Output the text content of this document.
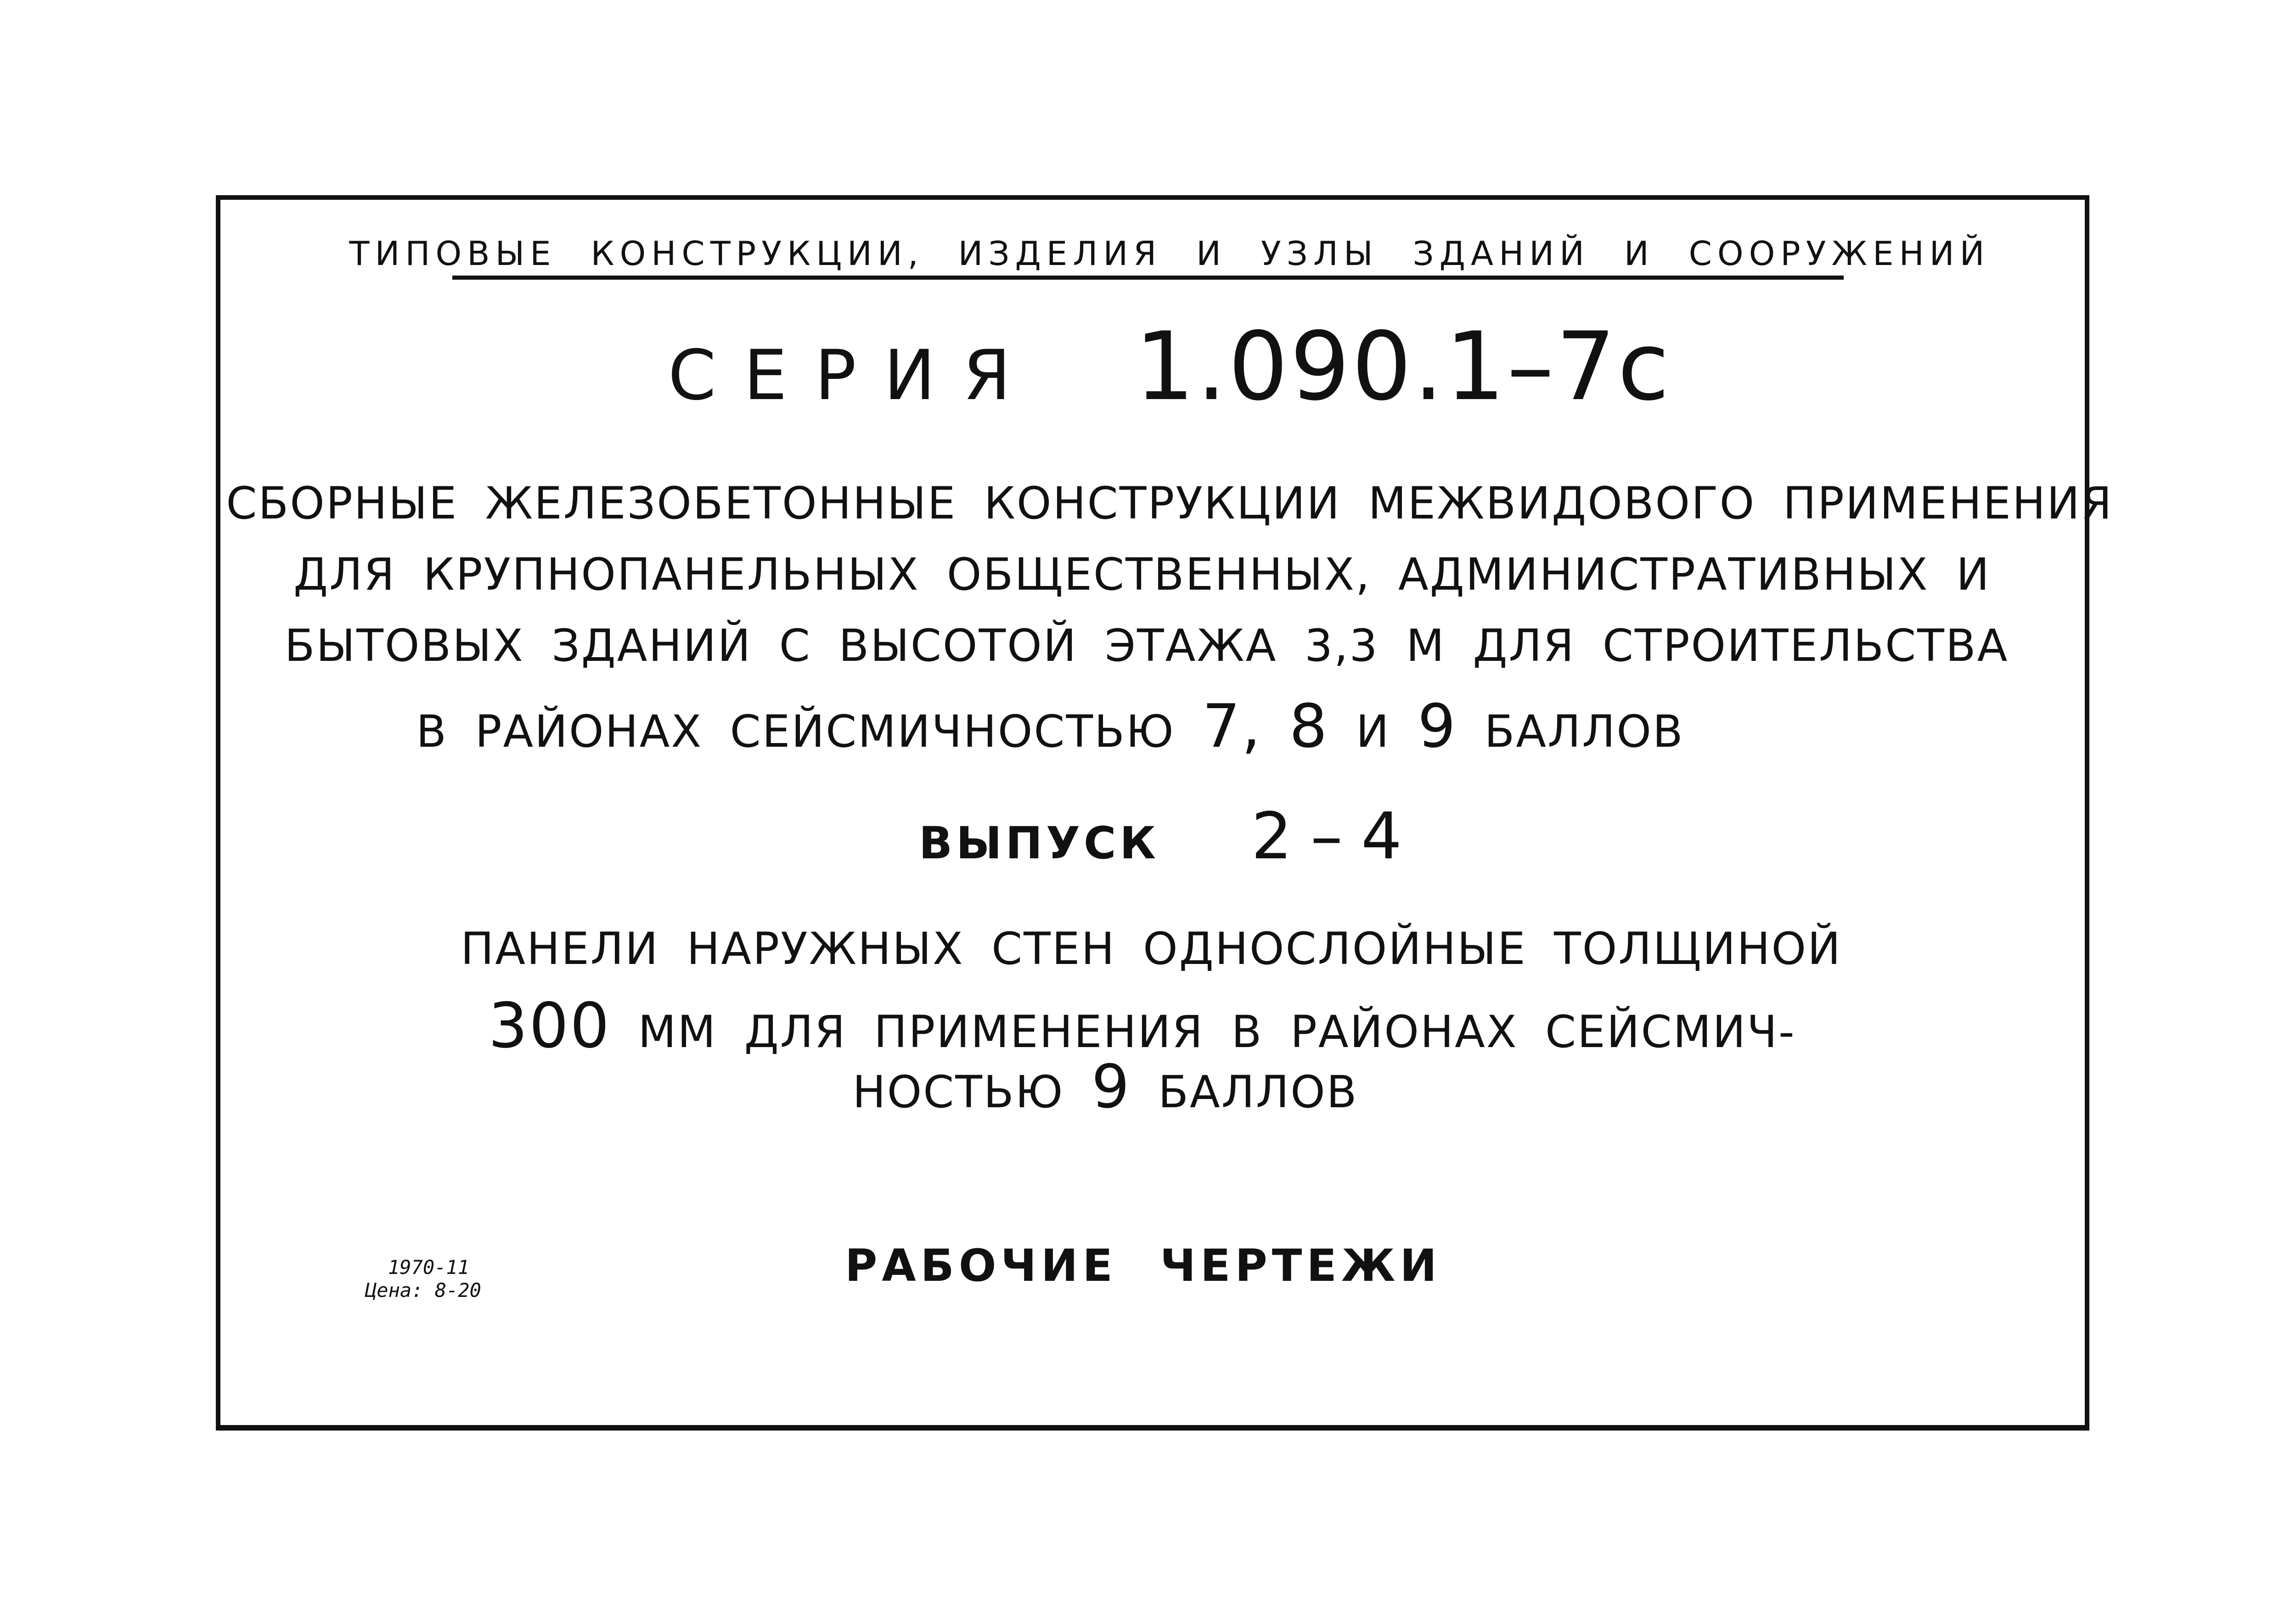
ТИПОВЫЕ КОНСТРУКЦИИ, ИЗДЕЛИЯ И УЗЛЫ ЗДАНИЙ И СООРУЖЕНИЙ
СЕРИЯ 1.090.1–7с
СБОРНЫЕ ЖЕЛЕЗОБЕТОННЫЕ КОНСТРУКЦИИ МЕЖВИДОВОГО ПРИМЕНЕНИЯ
ДЛЯ КРУПНОПАНЕЛЬНЫХ ОБЩЕСТВЕННЫХ, АДМИНИСТРАТИВНЫХ И
БЫТОВЫХ ЗДАНИЙ С ВЫСОТОЙ ЭТАЖА 3,3 М ДЛЯ СТРОИТЕЛЬСТВА
В РАЙОНАХ СЕЙСМИЧНОСТЬЮ 7, 8 И 9 БАЛЛОВ
ВЫПУСК 2–4
ПАНЕЛИ НАРУЖНЫХ СТЕН ОДНОСЛОЙНЫЕ ТОЛЩИНОЙ
300 ММ ДЛЯ ПРИМЕНЕНИЯ В РАЙОНАХ СЕЙСМИЧ-
НОСТЬЮ 9 БАЛЛОВ
РАБОЧИЕ ЧЕРТЕЖИ
1970-11
Цена: 8-20
